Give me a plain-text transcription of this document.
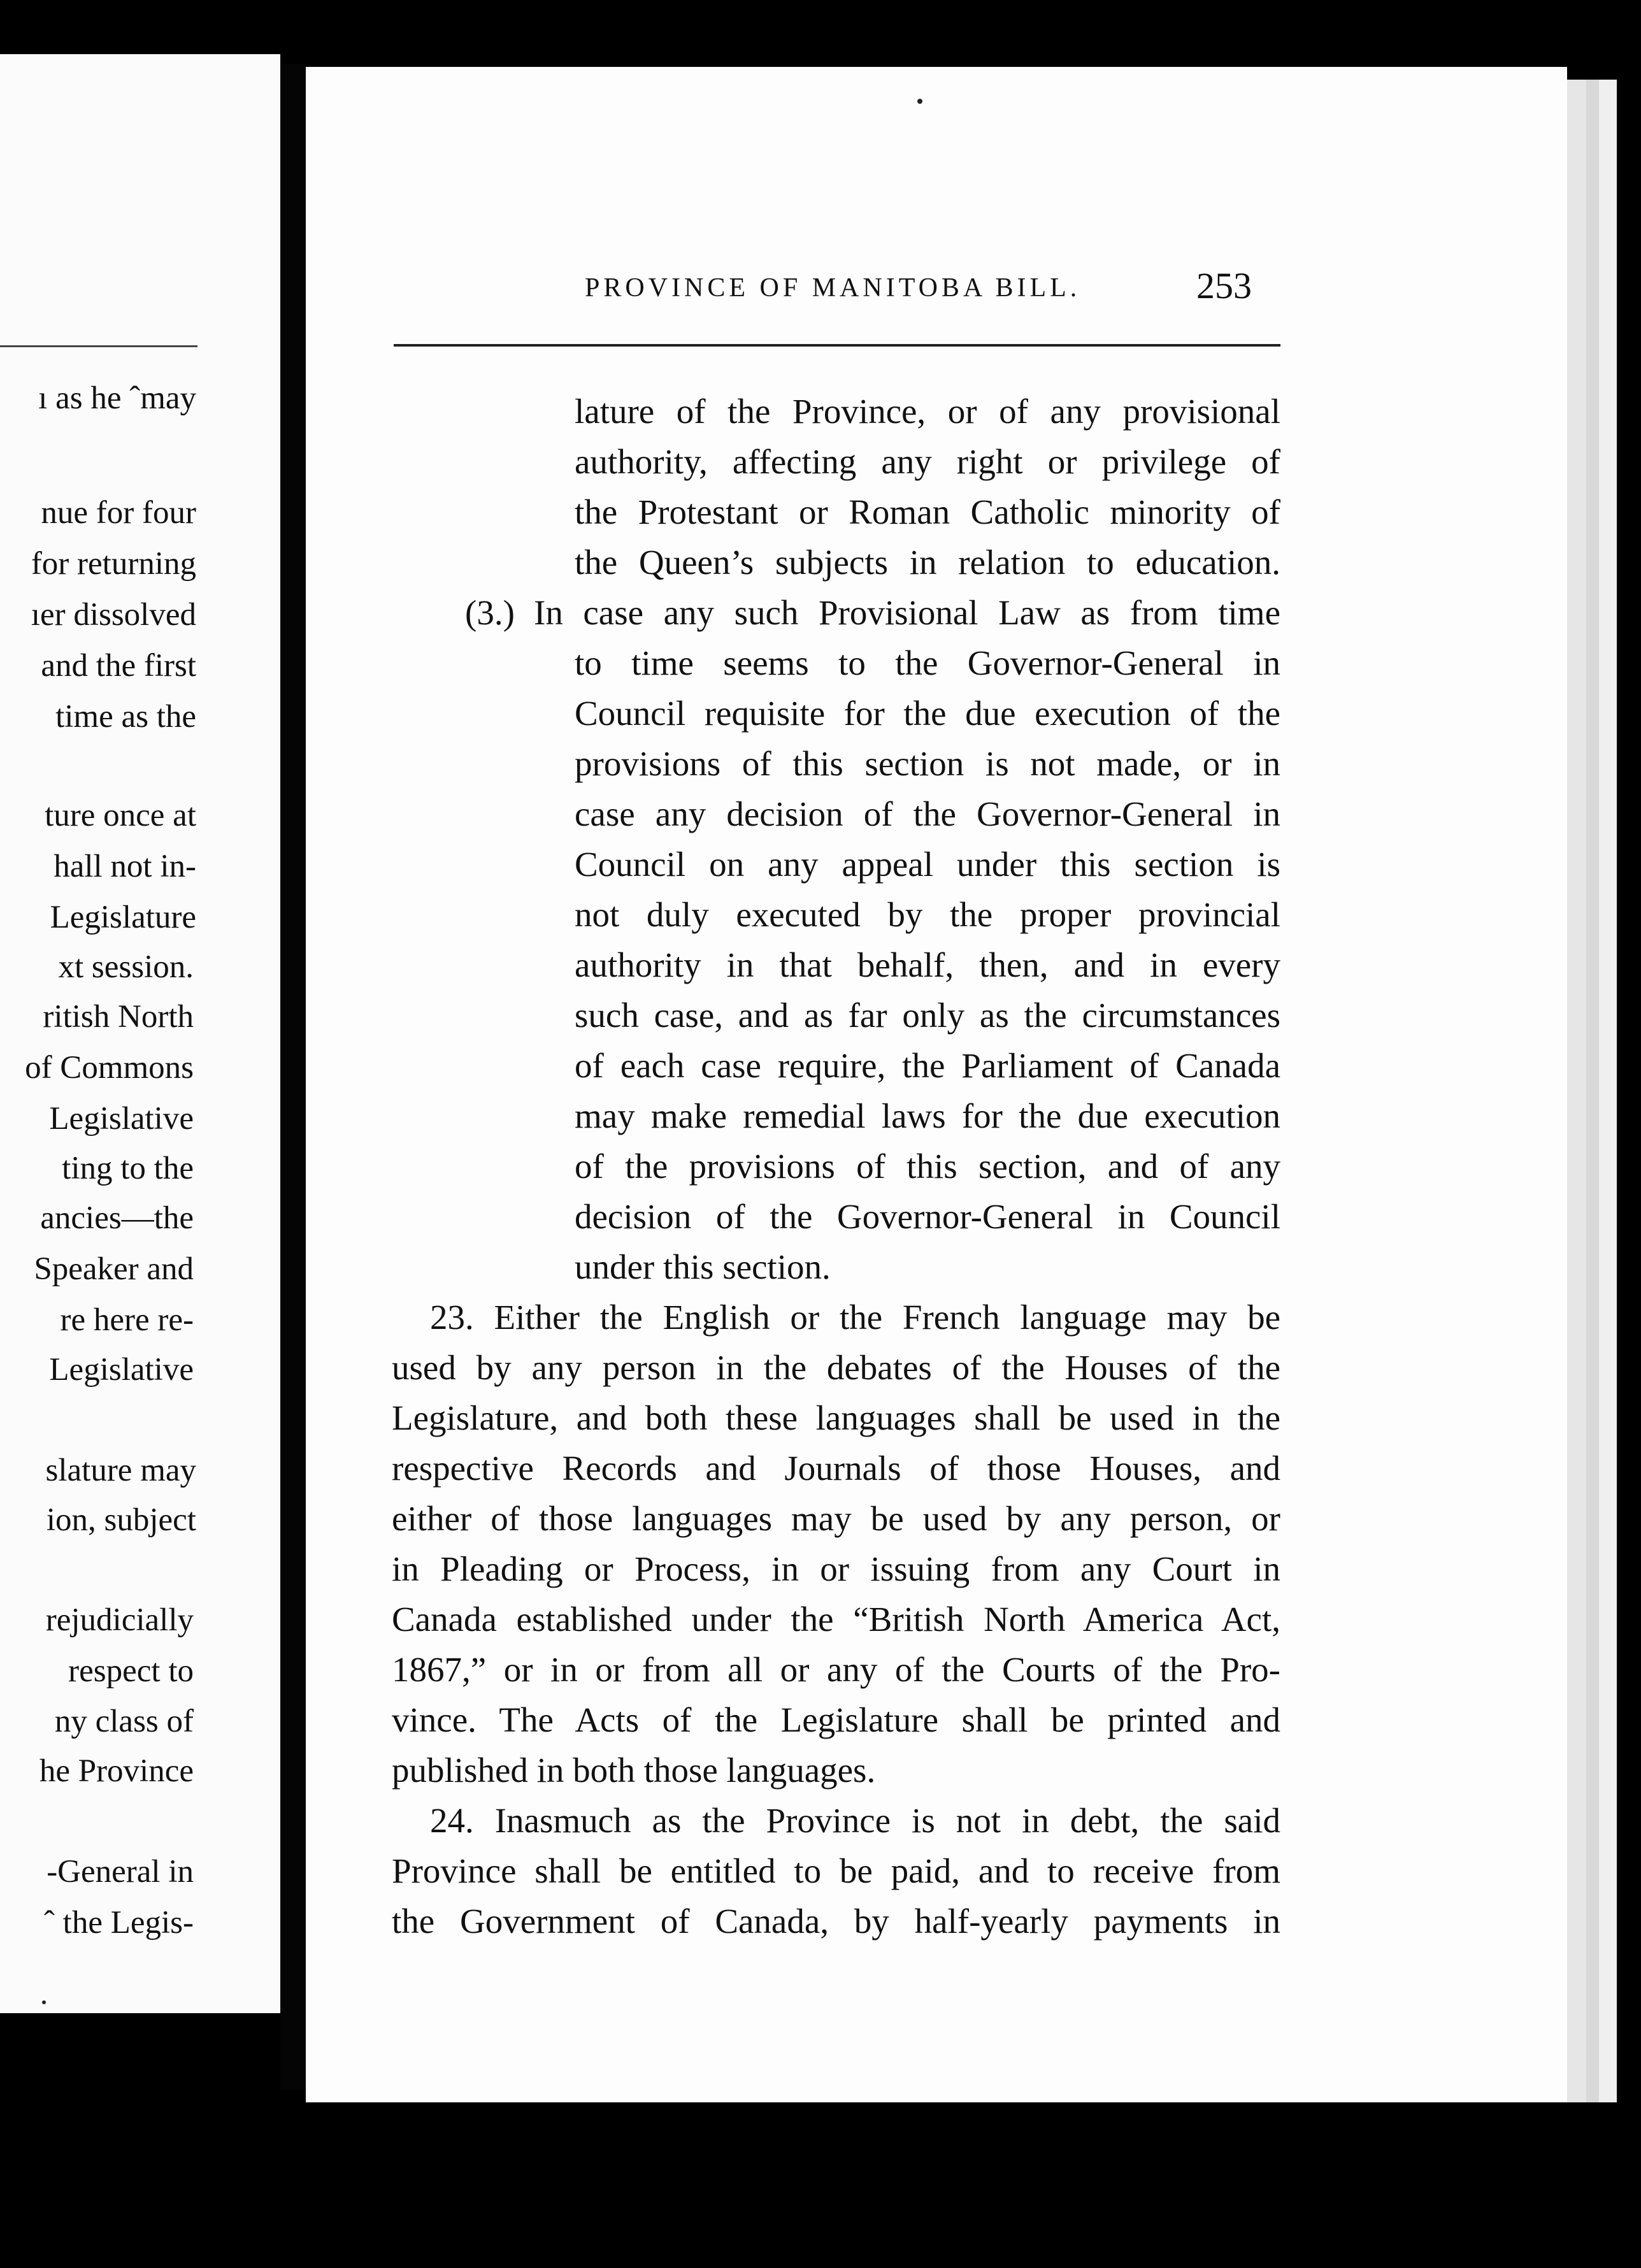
ı as he ˆmay
nue for four
for returning
ıer dissolved
and the first
time as the
ture once at
hall not in-
Legislature
xt session.
ritish North
of Commons
Legislative
ting to the
ancies—the
Speaker and
re here re-
Legislative
slature may
ion, subject
rejudicially
respect to
ny class of
he Province
-General in
ˆ the Legis-
PROVINCE OF MANITOBA BILL.	253
lature of the Province, or of any provisional
authority, affecting any right or privilege of
the Protestant or Roman Catholic minority of
the Queen’s subjects in relation to education.
(3.) In case any such Provisional Law as from time
to time seems to the Governor-General in
Council requisite for the due execution of the
provisions of this section is not made, or in
case any decision of the Governor-General in
Council on any appeal under this section is
not duly executed by the proper provincial
authority in that behalf, then, and in every
such case, and as far only as the circumstances
of each case require, the Parliament of Canada
may make remedial laws for the due execution
of the provisions of this section, and of any
decision of the Governor-General in Council
under this section.
23. Either the English or the French language may be
used by any person in the debates of the Houses of the
Legislature, and both these languages shall be used in the
respective Records and Journals of those Houses, and
either of those languages may be used by any person, or
in Pleading or Process, in or issuing from any Court in
Canada established under the “British North America Act,
1867,” or in or from all or any of the Courts of the Pro-
vince. The Acts of the Legislature shall be printed and
published in both those languages.
24. Inasmuch as the Province is not in debt, the said
Province shall be entitled to be paid, and to receive from
the Government of Canada, by half-yearly payments in
